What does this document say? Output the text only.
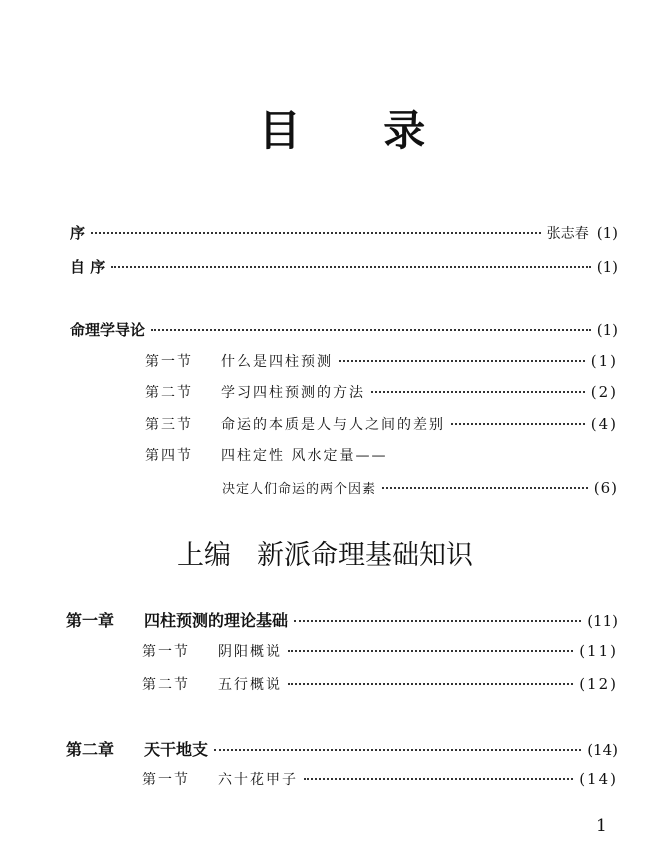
目 录
序	张志春 (1)
自 序	(1)
命理学导论	(1)
第一节 什么是四柱预测	(1)
第二节 学习四柱预测的方法	(2)
第三节 命运的本质是人与人之间的差别	(4)
第四节 四柱定性 风水定量——
决定人们命运的两个因素	(6)
上编 新派命理基础知识
第一章 四柱预测的理论基础	(11)
第一节 阴阳概说	(11)
第二节 五行概说	(12)
第二章 天干地支	(14)
第一节 六十花甲子	(14)
1
